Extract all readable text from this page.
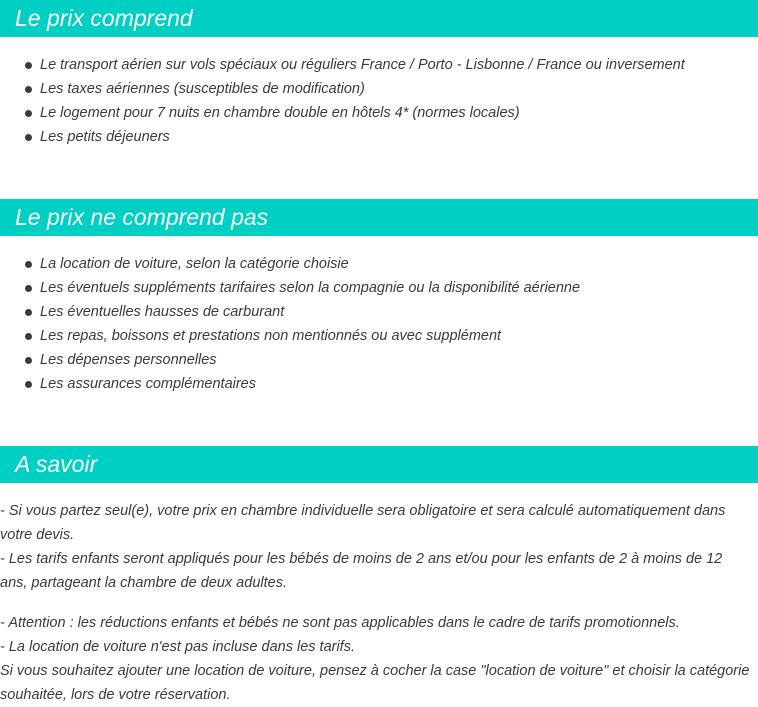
Le prix comprend
Le transport aérien sur vols spéciaux ou réguliers France / Porto - Lisbonne / France ou inversement
Les taxes aériennes (susceptibles de modification)
Le logement pour 7 nuits en chambre double en hôtels 4* (normes locales)
Les petits déjeuners
Le prix ne comprend pas
La location de voiture, selon la catégorie choisie
Les éventuels suppléments tarifaires selon la compagnie ou la disponibilité aérienne
Les éventuelles hausses de carburant
Les repas, boissons et prestations non mentionnés ou avec supplément
Les dépenses personnelles
Les assurances complémentaires
A savoir

- Si vous partez seul(e), votre prix en chambre individuelle sera obligatoire et sera calculé automatiquement dans votre devis.
- Les tarifs enfants seront appliqués pour les bébés de moins de 2 ans et/ou pour les enfants de 2 à moins de 12 ans, partageant la chambre de deux adultes.

- Attention : les réductions enfants et bébés ne sont pas applicables dans le cadre de tarifs promotionnels.
- La location de voiture n'est pas incluse dans les tarifs.
Si vous souhaitez ajouter une location de voiture, pensez à cocher la case "location de voiture" et choisir la catégorie souhaitée, lors de votre réservation.
